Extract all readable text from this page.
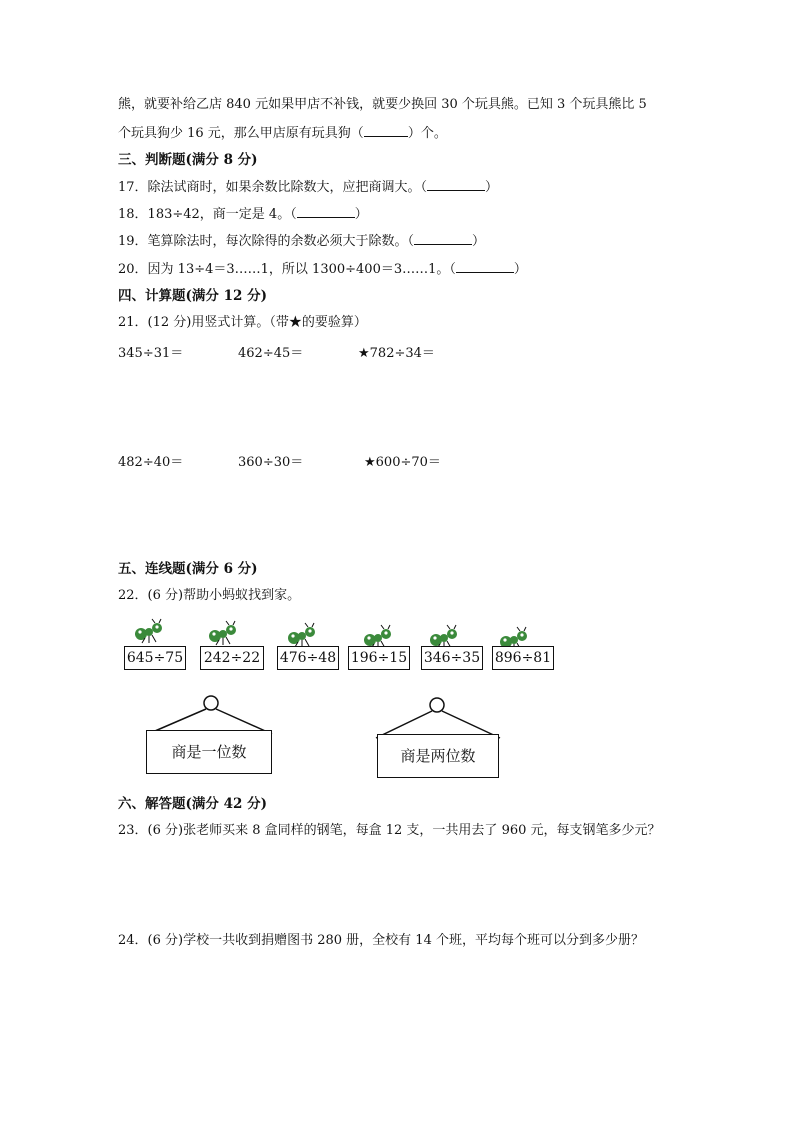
熊，就要补给乙店 840 元如果甲店不补钱，就要少换回 30 个玩具熊。已知 3 个玩具熊比 5
个玩具狗少 16 元，那么甲店原有玩具狗（	）个。
三、判断题(满分 8 分)
17．除法试商时，如果余数比除数大，应把商调大。（	）
18．183÷42，商一定是 4。（	）
19．笔算除法时，每次除得的余数必须大于除数。（	）
20．因为 13÷4＝3……1，所以 1300÷400＝3……1。（	）
四、计算题(满分 12 分)
21．(12 分)用竖式计算。（带★的要验算）
345÷31＝	462÷45＝	★782÷34＝
482÷40＝	360÷30＝	★600÷70＝
五、连线题(满分 6 分)
22．(6 分)帮助小蚂蚁找到家。
645÷75 242÷22 476÷48 196÷15 346÷35 896÷81
商是一位数	商是两位数
六、解答题(满分 42 分)
23．(6 分)张老师买来 8 盒同样的钢笔，每盒 12 支，一共用去了 960 元，每支钢笔多少元？
24．(6 分)学校一共收到捐赠图书 280 册，全校有 14 个班，平均每个班可以分到多少册？
